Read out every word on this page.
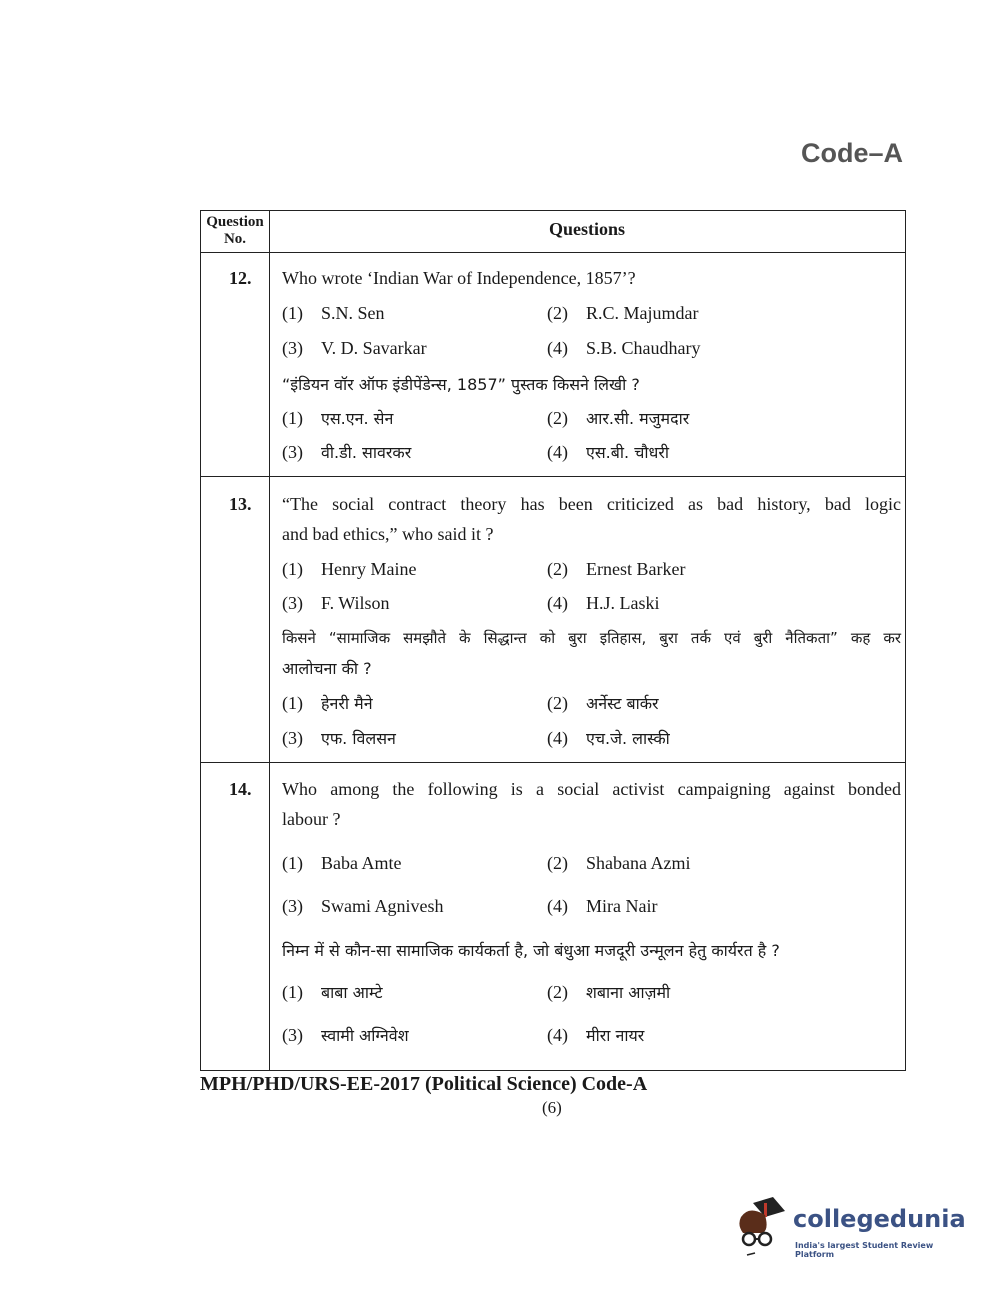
Code–A
Question
No.	Questions
12. Who wrote ‘Indian War of Independence, 1857’?
(1) S.N. Sen	(2) R.C. Majumdar
(3) V. D. Savarkar	(4) S.B. Chaudhary
“इंडियन वॉर ऑफ इंडीपेंडेन्स, 1857” पुस्तक किसने लिखी ?
(1) एस.एन. सेन	(2) आर.सी. मजुमदार
(3) वी.डी. सावरकर	(4) एस.बी. चौधरी
13. “The social contract theory has been criticized as bad history, bad logic
and bad ethics,” who said it ?
(1) Henry Maine	(2) Ernest Barker
(3) F. Wilson	(4) H.J. Laski
किसने “सामाजिक समझौते के सिद्धान्त को बुरा इतिहास, बुरा तर्क एवं बुरी नैतिकता” कह कर
आलोचना की ?
(1) हेनरी मैने	(2) अर्नेस्ट बार्कर
(3) एफ. विलसन	(4) एच.जे. लास्की
14. Who among the following is a social activist campaigning against bonded
labour ?
(1) Baba Amte	(2) Shabana Azmi
(3) Swami Agnivesh	(4) Mira Nair
निम्न में से कौन-सा सामाजिक कार्यकर्ता है, जो बंधुआ मजदूरी उन्मूलन हेतु कार्यरत है ?
(1) बाबा आम्टे	(2) शबाना आज़मी
(3) स्वामी अग्निवेश	(4) मीरा नायर
MPH/PHD/URS-EE-2017 (Political Science) Code-A
(6)
collegedunia
India's largest Student Review Platform
